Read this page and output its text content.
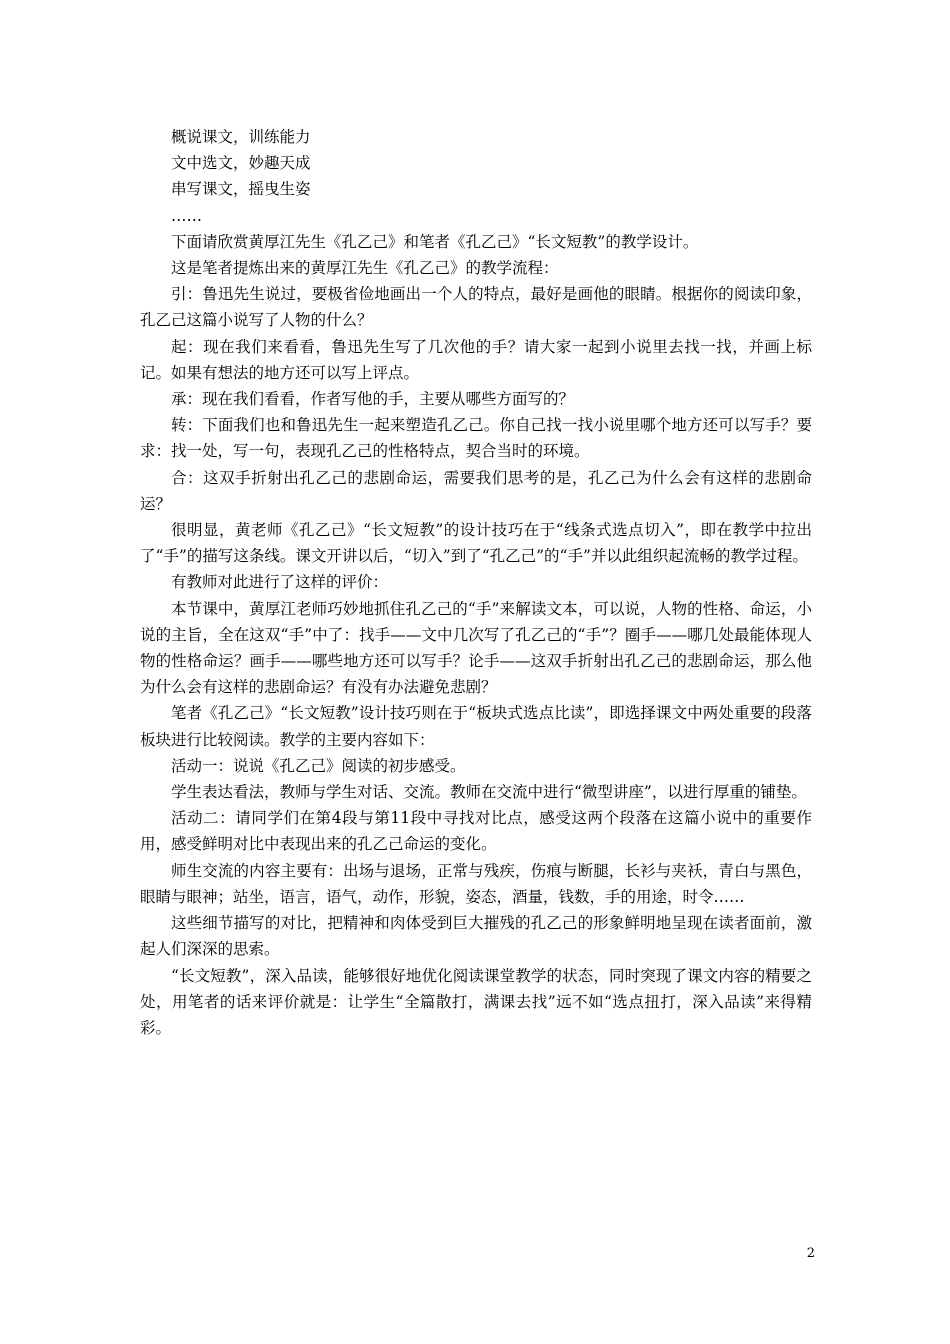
概说课文，训练能力

文中选文，妙趣天成

串写课文，摇曳生姿

……

下面请欣赏黄厚江先生《孔乙己》和笔者《孔乙己》“长文短教”的教学设计。

这是笔者提炼出来的黄厚江先生《孔乙己》的教学流程：

引：鲁迅先生说过，要极省俭地画出一个人的特点，最好是画他的眼睛。根据你的阅读印象，孔乙己这篇小说写了人物的什么？

起：现在我们来看看，鲁迅先生写了几次他的手？请大家一起到小说里去找一找，并画上标记。如果有想法的地方还可以写上评点。

承：现在我们看看，作者写他的手，主要从哪些方面写的？

转：下面我们也和鲁迅先生一起来塑造孔乙己。你自己找一找小说里哪个地方还可以写手？要求：找一处，写一句，表现孔乙己的性格特点，契合当时的环境。

合：这双手折射出孔乙己的悲剧命运，需要我们思考的是，孔乙己为什么会有这样的悲剧命运？

很明显，黄老师《孔乙己》“长文短教”的设计技巧在于“线条式选点切入”，即在教学中拉出了“手”的描写这条线。课文开讲以后，“切入”到了“孔乙己”的“手”并以此组织起流畅的教学过程。

有教师对此进行了这样的评价：

本节课中，黄厚江老师巧妙地抓住孔乙己的“手”来解读文本，可以说，人物的性格、命运，小说的主旨，全在这双“手”中了：找手——文中几次写了孔乙己的“手”？圈手——哪几处最能体现人物的性格命运？画手——哪些地方还可以写手？论手——这双手折射出孔乙己的悲剧命运，那么他为什么会有这样的悲剧命运？有没有办法避免悲剧？

笔者《孔乙己》“长文短教”设计技巧则在于“板块式选点比读”，即选择课文中两处重要的段落板块进行比较阅读。教学的主要内容如下：

活动一：说说《孔乙己》阅读的初步感受。

学生表达看法，教师与学生对话、交流。教师在交流中进行“微型讲座”，以进行厚重的铺垫。

活动二：请同学们在第4段与第11段中寻找对比点，感受这两个段落在这篇小说中的重要作用，感受鲜明对比中表现出来的孔乙己命运的变化。

师生交流的内容主要有：出场与退场，正常与残疾，伤痕与断腿，长衫与夹袄，青白与黑色，眼睛与眼神；站坐，语言，语气，动作，形貌，姿态，酒量，钱数，手的用途，时令……

这些细节描写的对比，把精神和肉体受到巨大摧残的孔乙己的形象鲜明地呈现在读者面前，激起人们深深的思索。

“长文短教”，深入品读，能够很好地优化阅读课堂教学的状态，同时突现了课文内容的精要之处，用笔者的话来评价就是：让学生“全篇散打，满课去找”远不如“选点扭打，深入品读”来得精彩。

2
